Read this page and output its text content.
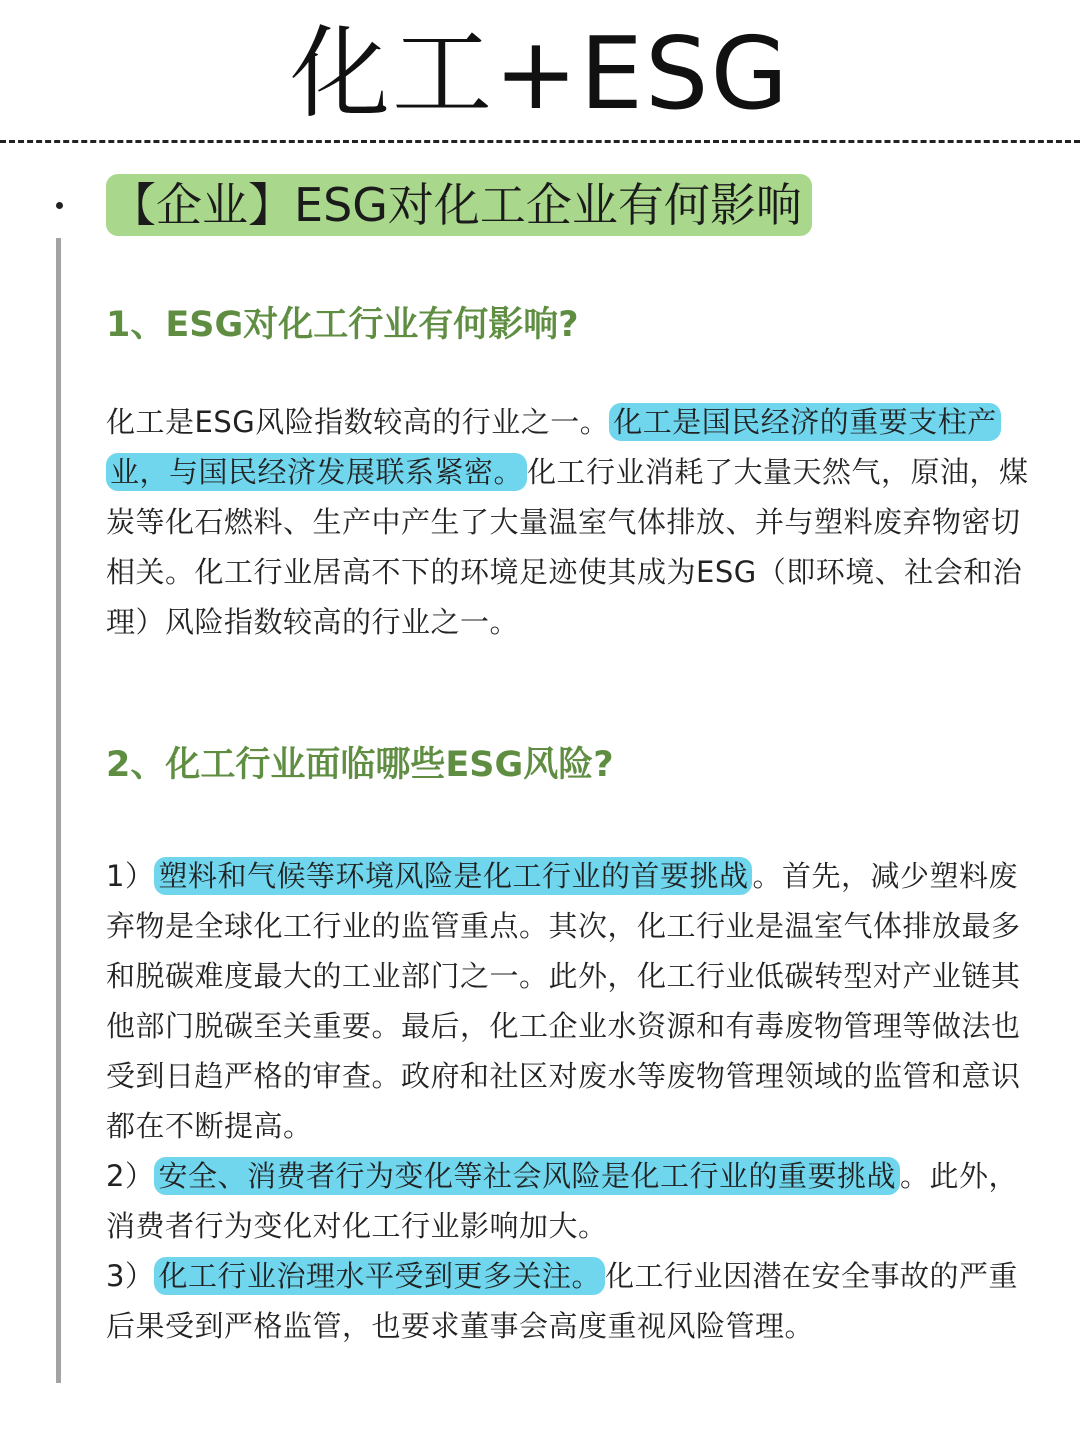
化工+ESG
【企业】ESG对化工企业有何影响
1、ESG对化工行业有何影响?

化工是ESG风险指数较高的行业之一。 化工是国民经济的重要支柱产业，与国民经济发展联系紧密。 化工行业消耗了大量天然气，原油，煤炭等化石燃料、生产中产生了大量温室气体排放、并与塑料废弃物密切相关。化工行业居高不下的环境足迹使其成为ESG（即环境、社会和治理）风险指数较高的行业之一。

2、化工行业面临哪些ESG风险?

1） 塑料和气候等环境风险是化工行业的首要挑战 。首先，减少塑料废弃物是全球化工行业的监管重点。其次，化工行业是温室气体排放最多和脱碳难度最大的工业部门之一。此外，化工行业低碳转型对产业链其他部门脱碳至关重要。最后，化工企业水资源和有毒废物管理等做法也受到日趋严格的审查。政府和社区对废水等废物管理领域的监管和意识都在不断提高。

2） 安全、消费者行为变化等社会风险是化工行业的重要挑战 。此外，消费者行为变化对化工行业影响加大。

3） 化工行业治理水平受到更多关注。 化工行业因潜在安全事故的严重后果受到严格监管，也要求董事会高度重视风险管理。
